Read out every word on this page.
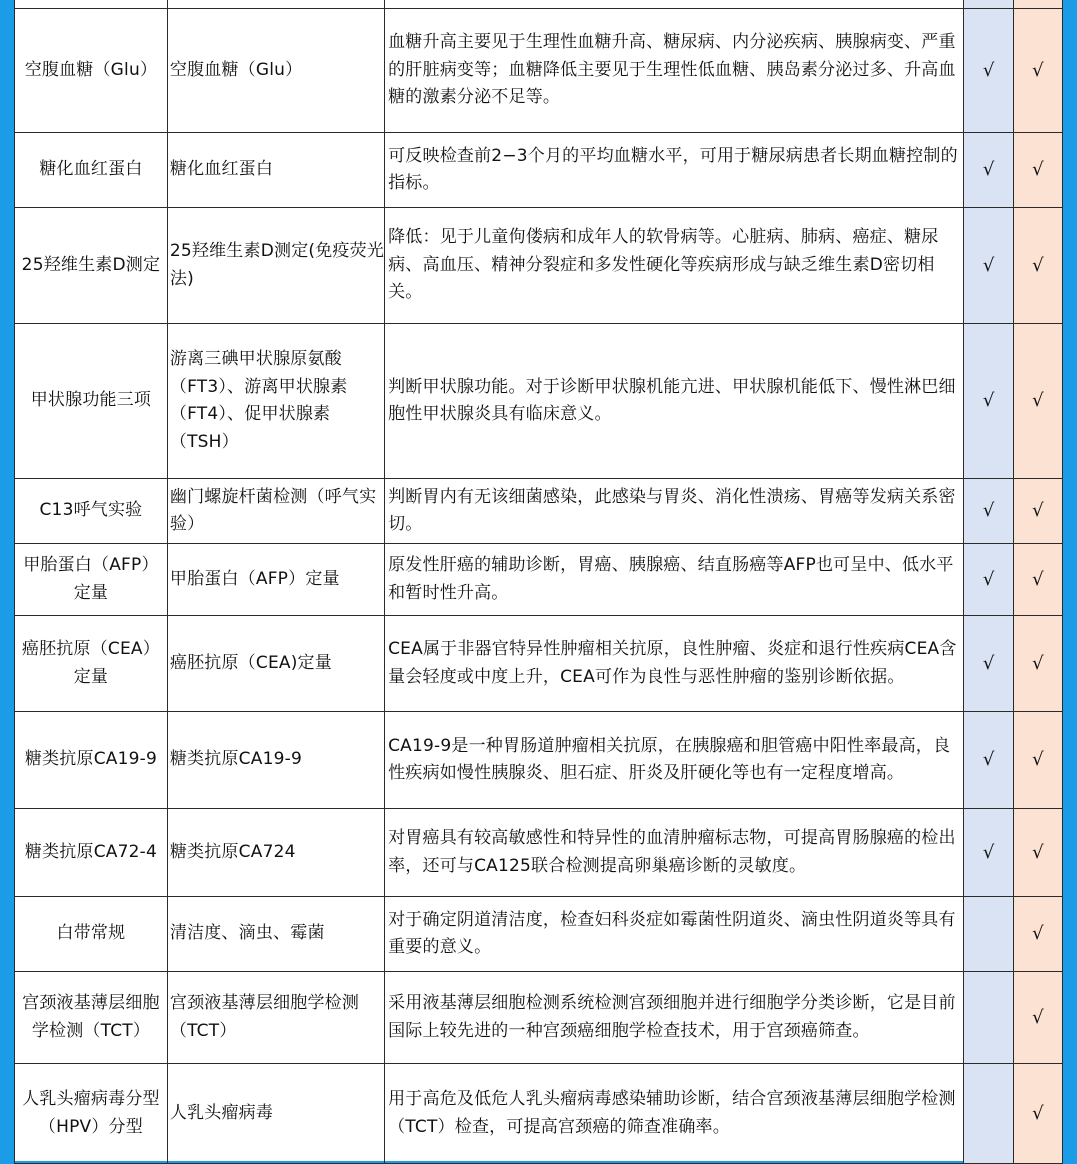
空腹血糖（Glu）	空腹血糖（Glu）	血糖升高主要见于生理性血糖升高、糖尿病、内分泌疾病、胰腺病变、严重的肝脏病变等；血糖降低主要见于生理性低血糖、胰岛素分泌过多、升高血糖的激素分泌不足等。	√	√
糖化血红蛋白	糖化血红蛋白	可反映检查前2−3个月的平均血糖水平，可用于糖尿病患者长期血糖控制的指标。	√	√
25羟维生素D测定	25羟维生素D测定(免疫荧光法)	降低：见于儿童佝偻病和成年人的软骨病等。心脏病、肺病、癌症、糖尿病、高血压、精神分裂症和多发性硬化等疾病形成与缺乏维生素D密切相关。	√	√
甲状腺功能三项	游离三碘甲状腺原氨酸（FT3）、游离甲状腺素（FT4）、促甲状腺素（TSH）	判断甲状腺功能。对于诊断甲状腺机能亢进、甲状腺机能低下、慢性淋巴细胞性甲状腺炎具有临床意义。	√	√
C13呼气实验	幽门螺旋杆菌检测（呼气实验）	判断胃内有无该细菌感染，此感染与胃炎、消化性溃疡、胃癌等发病关系密切。	√	√
甲胎蛋白（AFP）定量	甲胎蛋白（AFP）定量	原发性肝癌的辅助诊断，胃癌、胰腺癌、结直肠癌等AFP也可呈中、低水平和暂时性升高。	√	√
癌胚抗原（CEA）定量	癌胚抗原（CEA)定量	CEA属于非器官特异性肿瘤相关抗原，良性肿瘤、炎症和退行性疾病CEA含量会轻度或中度上升，CEA可作为良性与恶性肿瘤的鉴别诊断依据。	√	√
糖类抗原CA19-9	糖类抗原CA19-9	CA19-9是一种胃肠道肿瘤相关抗原，在胰腺癌和胆管癌中阳性率最高，良性疾病如慢性胰腺炎、胆石症、肝炎及肝硬化等也有一定程度增高。	√	√
糖类抗原CA72-4	糖类抗原CA724	对胃癌具有较高敏感性和特异性的血清肿瘤标志物，可提高胃肠腺癌的检出率，还可与CA125联合检测提高卵巢癌诊断的灵敏度。	√	√
白带常规	清洁度、滴虫、霉菌	对于确定阴道清洁度，检查妇科炎症如霉菌性阴道炎、滴虫性阴道炎等具有重要的意义。		√
宫颈液基薄层细胞学检测（TCT）	宫颈液基薄层细胞学检测（TCT）	采用液基薄层细胞检测系统检测宫颈细胞并进行细胞学分类诊断，它是目前国际上较先进的一种宫颈癌细胞学检查技术，用于宫颈癌筛查。		√
人乳头瘤病毒分型（HPV）分型	人乳头瘤病毒	用于高危及低危人乳头瘤病毒感染辅助诊断，结合宫颈液基薄层细胞学检测（TCT）检查，可提高宫颈癌的筛查准确率。		√
